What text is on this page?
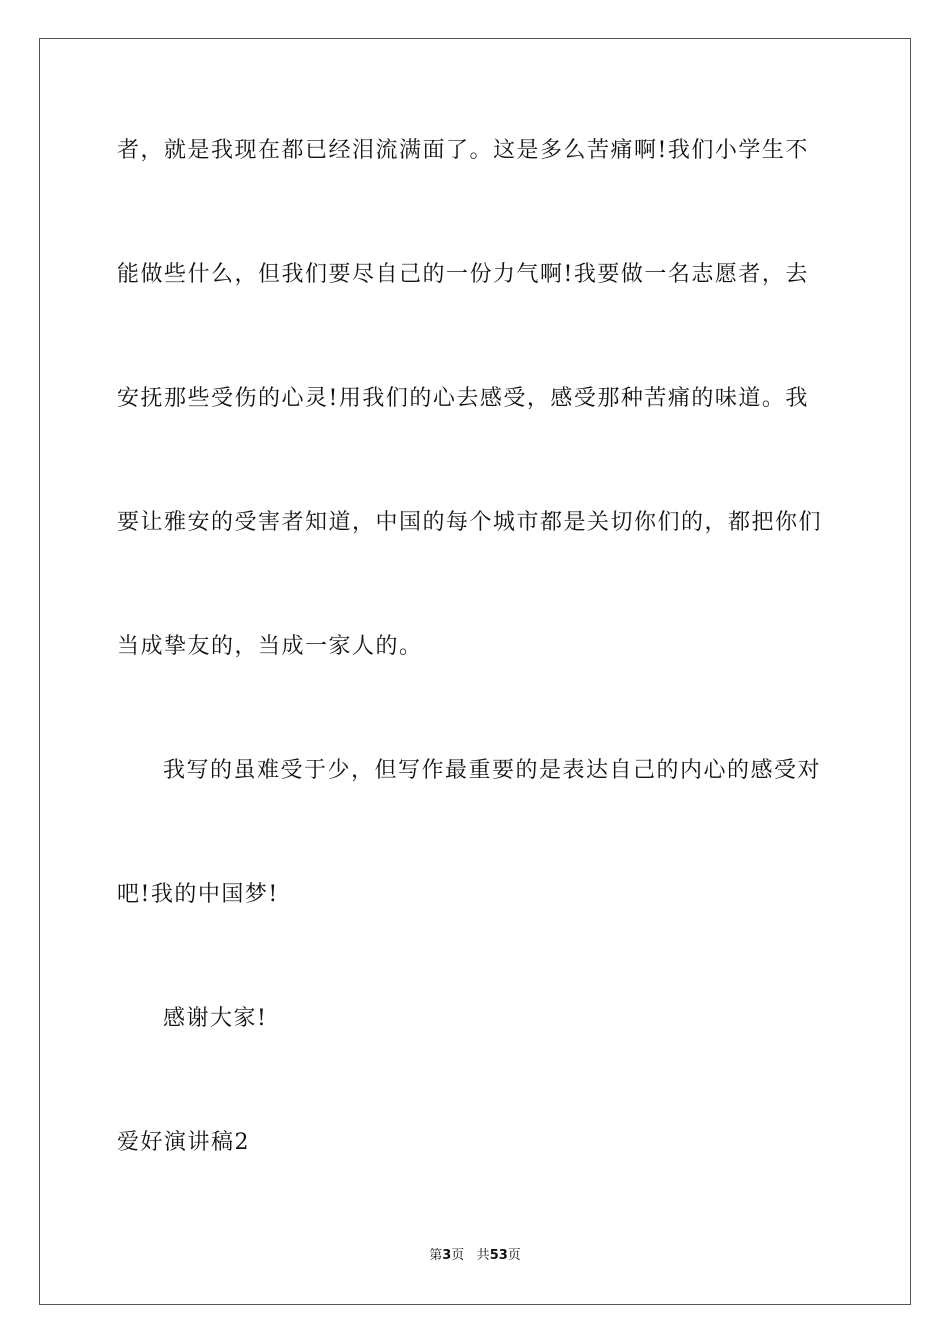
者，就是我现在都已经泪流满面了。这是多么苦痛啊!我们小学生不
能做些什么，但我们要尽自己的一份力气啊!我要做一名志愿者，去
安抚那些受伤的心灵!用我们的心去感受，感受那种苦痛的味道。我
要让雅安的受害者知道，中国的每个城市都是关切你们的，都把你们
当成挚友的，当成一家人的。
我写的虽难受于少，但写作最重要的是表达自己的内心的感受对
吧!我的中国梦!
感谢大家!
爱好演讲稿2
第3页 共53页
